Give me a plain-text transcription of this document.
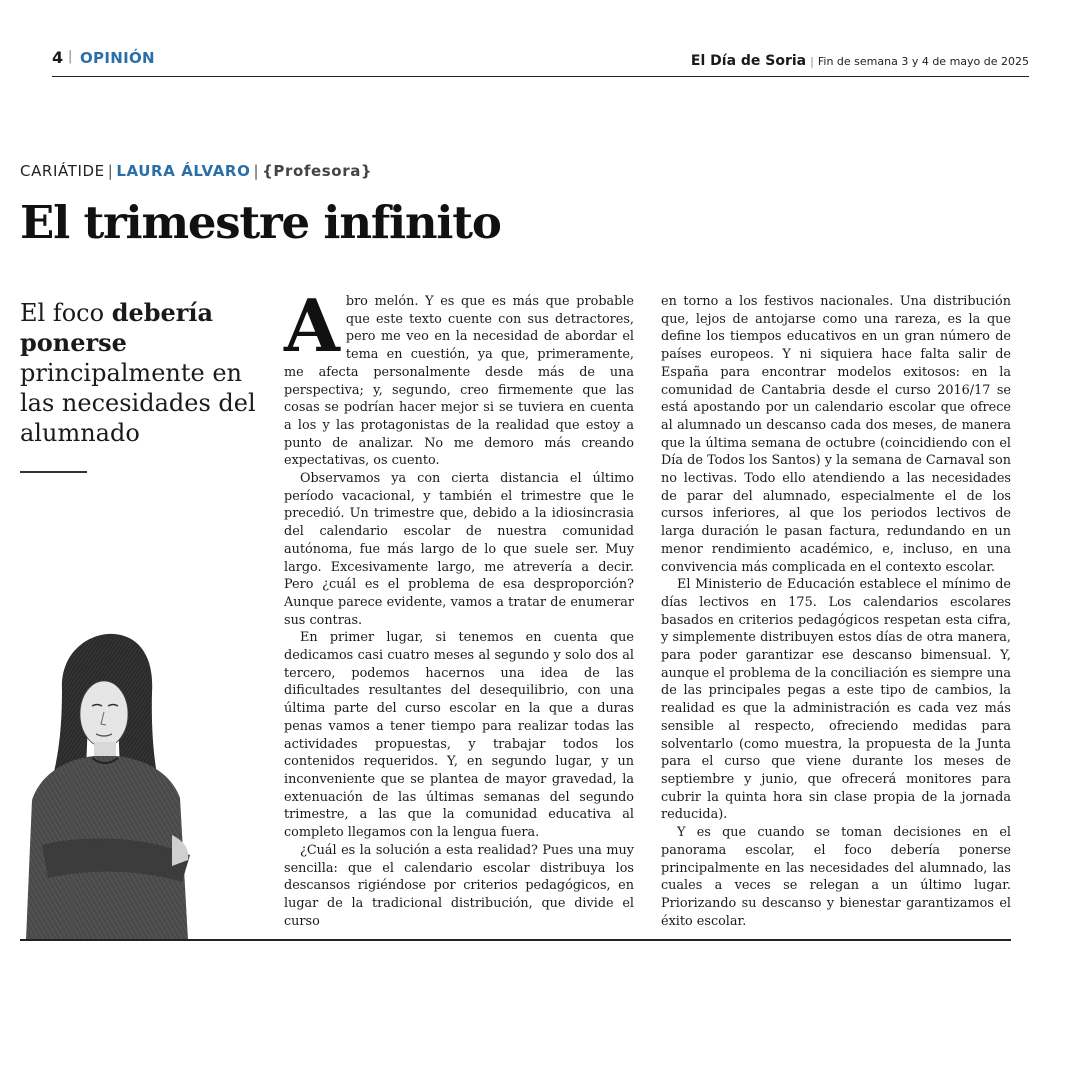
4 | OPINIÓN	El Día de Soria | Fin de semana 3 y 4 de mayo de 2025
CARIÁTIDE | LAURA ÁLVARO | {Profesora}
El trimestre infinito
El foco debería ponerse principalmente en las necesidades del alumnado

Abro melón. Y es que es más que probable que este texto cuente con sus detractores, pero me veo en la necesidad de abordar el tema en cuestión, ya que, primeramente, me afecta personalmente desde más de una perspectiva; y, segundo, creo firmemente que las cosas se podrían hacer mejor si se tuviera en cuenta a los y las protagonistas de la realidad que estoy a punto de analizar. No me demoro más creando expectativas, os cuento.

Observamos ya con cierta distancia el último período vacacional, y también el trimestre que le precedió. Un trimestre que, debido a la idiosincrasia del calendario escolar de nuestra comunidad autónoma, fue más largo de lo que suele ser. Muy largo. Excesivamente largo, me atrevería a decir. Pero ¿cuál es el problema de esa desproporción? Aunque parece evidente, vamos a tratar de enumerar sus contras.

En primer lugar, si tenemos en cuenta que dedicamos casi cuatro meses al segundo y solo dos al tercero, podemos hacernos una idea de las dificultades resultantes del desequilibrio, con una última parte del curso escolar en la que a duras penas vamos a tener tiempo para realizar todas las actividades propuestas, y trabajar todos los contenidos requeridos. Y, en segundo lugar, y un inconveniente que se plantea de mayor gravedad, la extenuación de las últimas semanas del segundo trimestre, a las que la comunidad educativa al completo llegamos con la lengua fuera.

¿Cuál es la solución a esta realidad? Pues una muy sencilla: que el calendario escolar distribuya los descansos rigiéndose por criterios pedagógicos, en lugar de la tradicional distribución, que divide el curso

en torno a los festivos nacionales. Una distribución que, lejos de antojarse como una rareza, es la que define los tiempos educativos en un gran número de países europeos. Y ni siquiera hace falta salir de España para encontrar modelos exitosos: en la comunidad de Cantabria desde el curso 2016/17 se está apostando por un calendario escolar que ofrece al alumnado un descanso cada dos meses, de manera que la última semana de octubre (coincidiendo con el Día de Todos los Santos) y la semana de Carnaval son no lectivas. Todo ello atendiendo a las necesidades de parar del alumnado, especialmente el de los cursos inferiores, al que los periodos lectivos de larga duración le pasan factura, redundando en un menor rendimiento académico, e, incluso, en una convivencia más complicada en el contexto escolar.

El Ministerio de Educación establece el mínimo de días lectivos en 175. Los calendarios escolares basados en criterios pedagógicos respetan esta cifra, y simplemente distribuyen estos días de otra manera, para poder garantizar ese descanso bimensual. Y, aunque el problema de la conciliación es siempre una de las principales pegas a este tipo de cambios, la realidad es que la administración es cada vez más sensible al respecto, ofreciendo medidas para solventarlo (como muestra, la propuesta de la Junta para el curso que viene durante los meses de septiembre y junio, que ofrecerá monitores para cubrir la quinta hora sin clase propia de la jornada reducida).

Y es que cuando se toman decisiones en el panorama escolar, el foco debería ponerse principalmente en las necesidades del alumnado, las cuales a veces se relegan a un último lugar. Priorizando su descanso y bienestar garantizamos el éxito escolar.
